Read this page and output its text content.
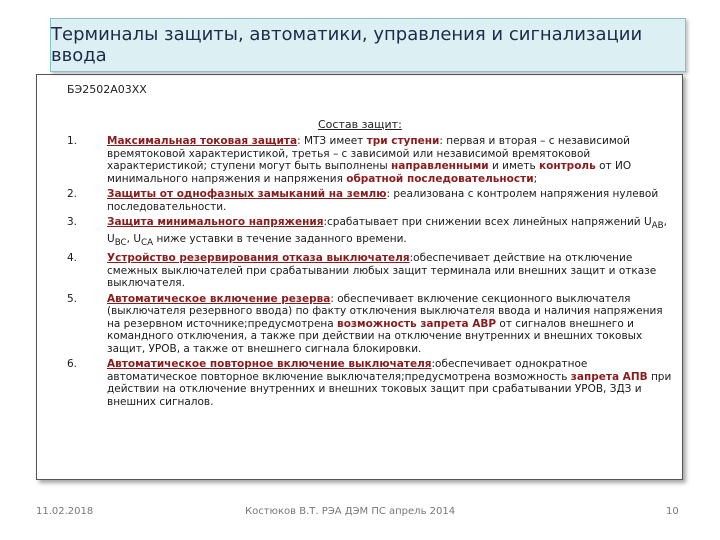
Терминалы защиты, автоматики, управления и сигнализации ввода
БЭ2502А03ХХ
Состав защит:
1.	Максимальная токовая защита: МТЗ имеет три ступени: первая и вторая – с независимой времятоковой характеристикой, третья – с зависимой или независимой времятоковой характеристикой; ступени могут быть выполнены направленными и иметь контроль от ИО минимального напряжения и напряжения обратной последовательности;
2.	Защиты от однофазных замыканий на землю: реализована с контролем напряжения нулевой последовательности.
3.	Защита минимального напряжения:срабатывает при снижении всех линейных напряжений $U_{AB}$, $U_{BC}$, $U_{CA}$ ниже уставки в течение заданного времени.
4.	Устройство резервирования отказа выключателя:обеспечивает действие на отключение смежных выключателей при срабатывании любых защит терминала или внешних защит и отказе выключателя.
5.	Автоматическое включение резерва: обеспечивает включение секционного выключателя (выключателя резервного ввода) по факту отключения выключателя ввода и наличия напряжения на резервном источнике;предусмотрена возможность запрета АВР от сигналов внешнего и командного отключения, а также при действии на отключение внутренних и внешних токовых защит, УРОВ, а также от внешнего сигнала блокировки.
6.	Автоматическое повторное включение выключателя:обеспечивает однократное автоматическое повторное включение выключателя;предусмотрена возможность запрета АПВ при действии на отключение внутренних и внешних токовых защит при срабатывании УРОВ, ЗДЗ и внешних сигналов.
11.02.2018	Костюков В.Т. РЭА ДЭМ ПС апрель 2014	10
